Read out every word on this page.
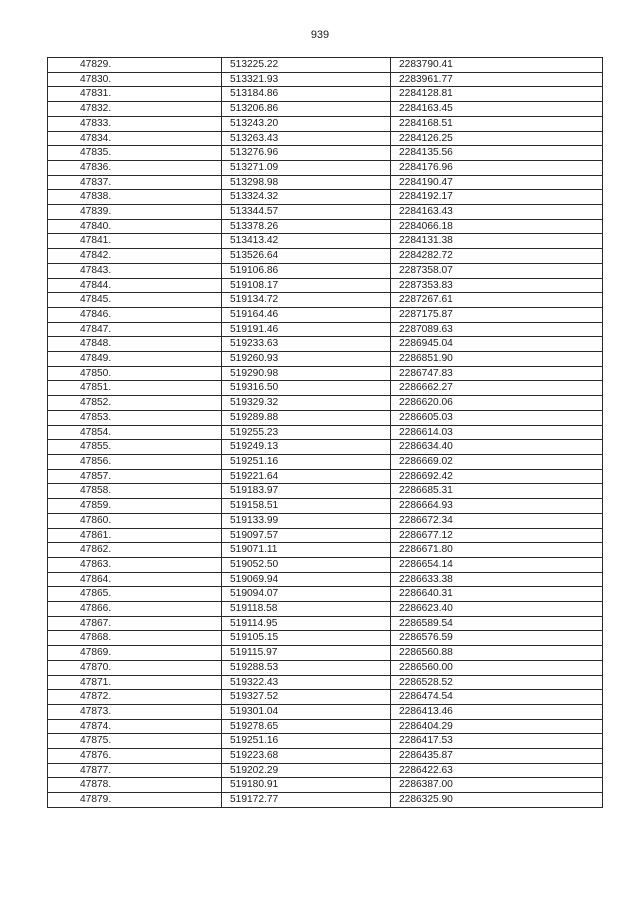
939
47829.	513225.22	2283790.41
47830.	513321.93	2283961.77
47831.	513184.86	2284128.81
47832.	513206.86	2284163.45
47833.	513243.20	2284168.51
47834.	513263.43	2284126.25
47835.	513276.96	2284135.56
47836.	513271.09	2284176.96
47837.	513298.98	2284190.47
47838.	513324.32	2284192.17
47839.	513344.57	2284163.43
47840.	513378.26	2284066.18
47841.	513413.42	2284131.38
47842.	513526.64	2284282.72
47843.	519106.86	2287358.07
47844.	519108.17	2287353.83
47845.	519134.72	2287267.61
47846.	519164.46	2287175.87
47847.	519191.46	2287089.63
47848.	519233.63	2286945.04
47849.	519260.93	2286851.90
47850.	519290.98	2286747.83
47851.	519316.50	2286662.27
47852.	519329.32	2286620.06
47853.	519289.88	2286605.03
47854.	519255.23	2286614.03
47855.	519249.13	2286634.40
47856.	519251.16	2286669.02
47857.	519221.64	2286692.42
47858.	519183.97	2286685.31
47859.	519158.51	2286664.93
47860.	519133.99	2286672.34
47861.	519097.57	2286677.12
47862.	519071.11	2286671.80
47863.	519052.50	2286654.14
47864.	519069.94	2286633.38
47865.	519094.07	2286640.31
47866.	519118.58	2286623.40
47867.	519114.95	2286589.54
47868.	519105.15	2286576.59
47869.	519115.97	2286560.88
47870.	519288.53	2286560.00
47871.	519322.43	2286528.52
47872.	519327.52	2286474.54
47873.	519301.04	2286413.46
47874.	519278.65	2286404.29
47875.	519251.16	2286417.53
47876.	519223.68	2286435.87
47877.	519202.29	2286422.63
47878.	519180.91	2286387.00
47879.	519172.77	2286325.90
